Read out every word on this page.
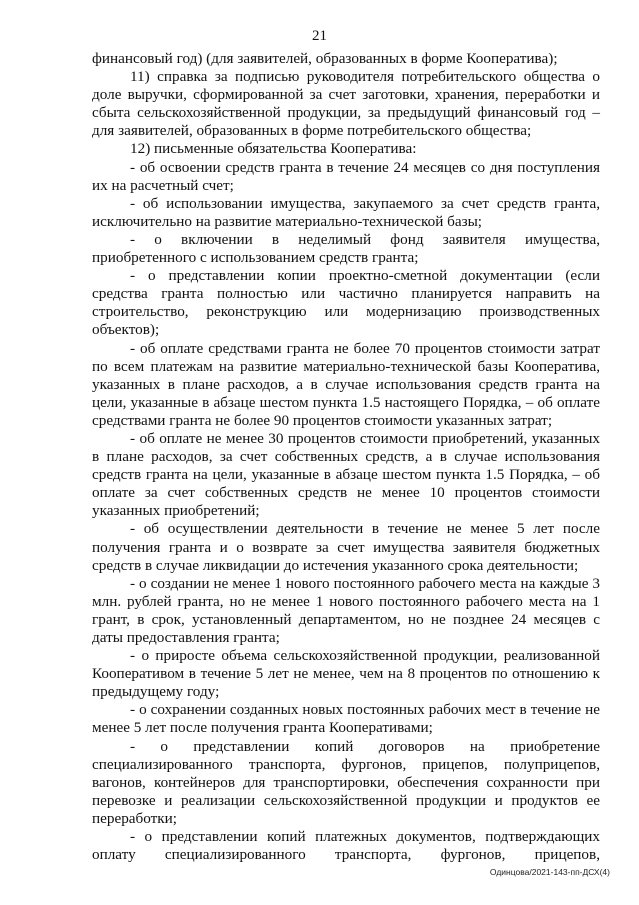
21

финансовый год) (для заявителей, образованных в форме Кооператива);

11) справка за подписью руководителя потребительского общества о доле выручки, сформированной за счет заготовки, хранения, переработки и сбыта сельскохозяйственной продукции, за предыдущий финансовый год – для заявителей, образованных в форме потребительского общества;

12) письменные обязательства Кооператива:

- об освоении средств гранта в течение 24 месяцев со дня поступления их на расчетный счет;

- об использовании имущества, закупаемого за счет средств гранта, исключительно на развитие материально-технической базы;

- о включении в неделимый фонд заявителя имущества, приобретенного с использованием средств гранта;

- о представлении копии проектно-сметной документации (если средства гранта полностью или частично планируется направить на строительство, реконструкцию или модернизацию производственных объектов);

- об оплате средствами гранта не более 70 процентов стоимости затрат по всем платежам на развитие материально-технической базы Кооператива, указанных в плане расходов, а в случае использования средств гранта на цели, указанные в абзаце шестом пункта 1.5 настоящего Порядка, – об оплате средствами гранта не более 90 процентов стоимости указанных затрат;

- об оплате не менее 30 процентов стоимости приобретений, указанных в плане расходов, за счет собственных средств, а в случае использования средств гранта на цели, указанные в абзаце шестом пункта 1.5 Порядка, – об оплате за счет собственных средств не менее 10 процентов стоимости указанных приобретений;

- об осуществлении деятельности в течение не менее 5 лет после получения гранта и о возврате за счет имущества заявителя бюджетных средств в случае ликвидации до истечения указанного срока деятельности;

- о создании не менее 1 нового постоянного рабочего места на каждые 3 млн. рублей гранта, но не менее 1 нового постоянного рабочего места на 1 грант, в срок, установленный департаментом, но не позднее 24 месяцев с даты предоставления гранта;

- о приросте объема сельскохозяйственной продукции, реализованной Кооперативом в течение 5 лет не менее, чем на 8 процентов по отношению к предыдущему году;

- о сохранении созданных новых постоянных рабочих мест в течение не менее 5 лет после получения гранта Кооперативами;

- о представлении копий договоров на приобретение специализированного транспорта, фургонов, прицепов, полуприцепов, вагонов, контейнеров для транспортировки, обеспечения сохранности при перевозке и реализации сельскохозяйственной продукции и продуктов ее переработки;

- о представлении копий платежных документов, подтверждающих оплату специализированного транспорта, фургонов, прицепов,

Одинцова/2021-143-пп-ДСХ(4)
